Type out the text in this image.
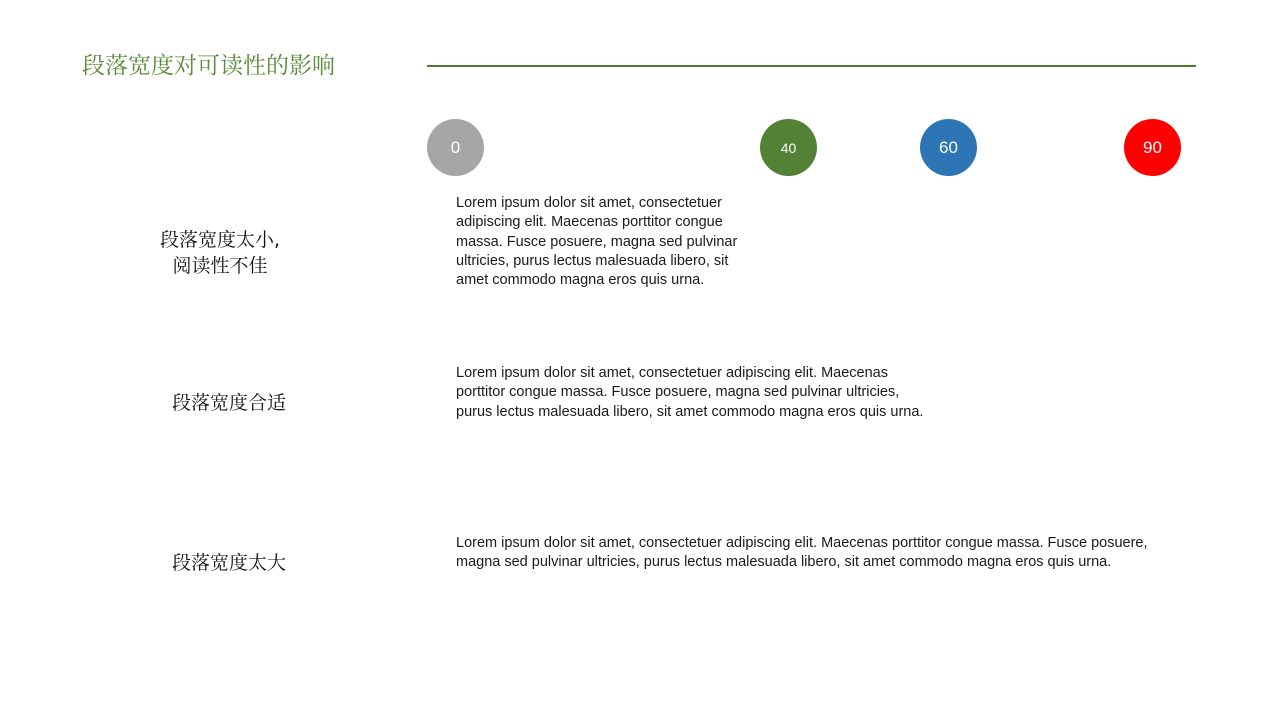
段落宽度对可读性的影响
0	40	60	90
段落宽度太小,
阅读性不佳
Lorem ipsum dolor sit amet, consectetuer adipiscing elit. Maecenas porttitor congue massa. Fusce posuere, magna sed pulvinar ultricies, purus lectus malesuada libero, sit amet commodo magna eros quis urna.
段落宽度合适
Lorem ipsum dolor sit amet, consectetuer adipiscing elit. Maecenas porttitor congue massa. Fusce posuere, magna sed pulvinar ultricies, purus lectus malesuada libero, sit amet commodo magna eros quis urna.
段落宽度太大
Lorem ipsum dolor sit amet, consectetuer adipiscing elit. Maecenas porttitor congue massa. Fusce posuere, magna sed pulvinar ultricies, purus lectus malesuada libero, sit amet commodo magna eros quis urna.
